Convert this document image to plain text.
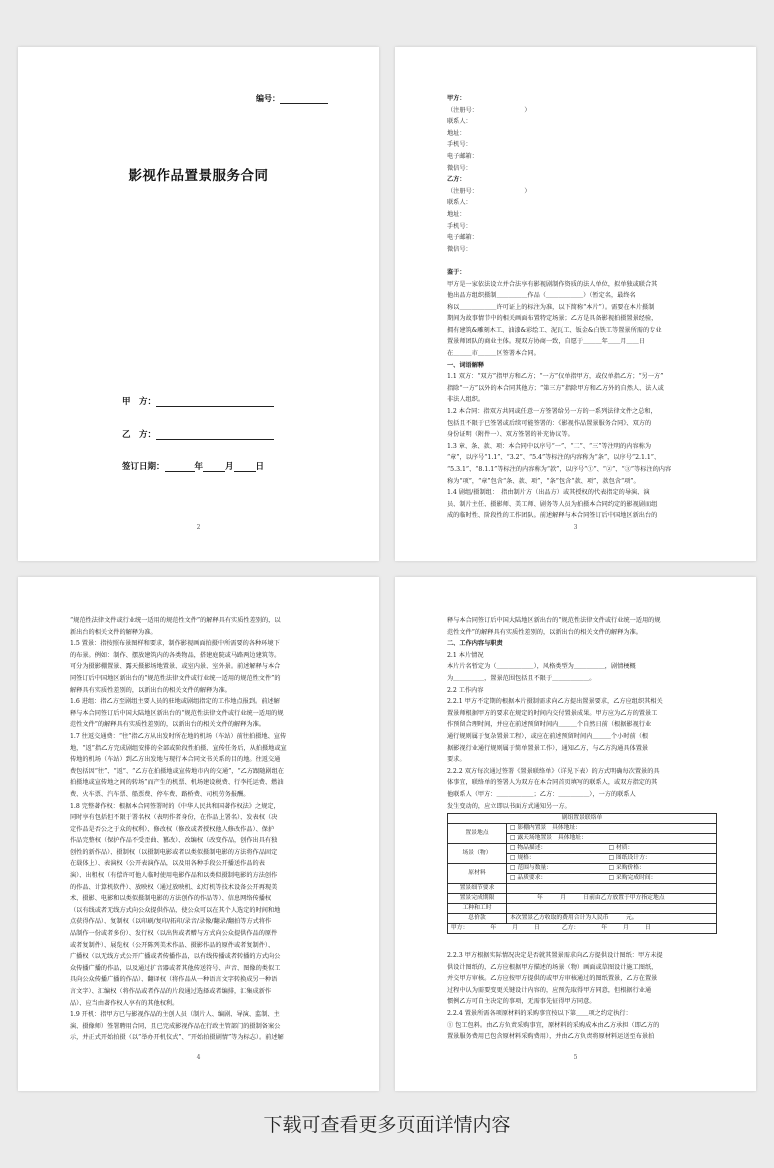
编号：
影视作品置景服务合同
甲　方：
乙　方：
签订日期：	年	月	日
2
甲方：
（注册号：　　　　　　　　）
联系人：
地址：
手机号：
电子邮箱：
微信号：
乙方：
（注册号：　　　　　　　　）
联系人：
地址：
手机号：
电子邮箱：
微信号：

鉴于：
甲方是一家依法设立并合法享有影视剧制作资质的法人单位，拟单独或联合其
他出品方组织摄制＿＿＿＿＿作品（＿＿＿＿＿＿）（暂定名，最终名
称以＿＿＿＿＿＿许可证上的标注为准，以下简称“本片”）。需要在本片摄制
期间为故事情节中的相关画面布置特定场景；乙方是具备影视拍摄置景经验，
拥有建筑&雕刻木工、油漆&彩绘工、泥瓦工、钣金&白铁工等置景所需的专业
置景师团队的商业主体。现双方协商一致，自愿于＿＿＿年＿＿月＿＿日
在＿＿＿市＿＿＿区签署本合同。
一、词语解释
1.1 双方：“双方”指甲方和乙方；“一方”仅单指甲方，或仅单指乙方；“另一方”
指除“一方”以外的本合同其他方；“第三方”指除甲方和乙方外的自然人、法人或
非法人组织。
1.2 本合同：指双方共同或任意一方签署给另一方的一系列法律文件之总和，
包括且不限于已签署或后续可能签署的：《影视作品置景服务合同》、双方的
身份证明（附件一）、双方签署的补充协议等。
1.3 章、条、款、项：本合同中以序号“一”、“二”、“三”等注明的内容称为
“章”，以序号“1.1”、“3.2”、“5.4”等标注的内容称为“条”，以序号“2.1.1”、
“5.3.1”、“8.1.1”等标注的内容称为“款”，以序号“①”、“②”、“③”等标注的内容
称为“项”，“章”包含“条、款、项”，“条”包含“款、项”，款包含“项”。
1.4 剧组/摄制组：　指由制片方（出品方）或其授权的代表指定的导演、演
员、制片主任、摄影师、美工师、剧务等人员为拍摄本合同约定的影视剧而组
成的临时性、阶段性的工作团队。前述解释与本合同签订后中国地区新出台的
3
“规范性法律文件或行业统一适用的规范性文件”的解释具有实质性差别的，以
新出台的相关文件的解释为准。
1.5 置景：指按照布景图样和要求，制作影视画面拍摄中所需要的各种环境下
的布景。例如：制作、摆放建筑内的各类物品，搭建庭院或马路两边建筑等。
可分为摄影棚置景、露天摄影场地置景、或室内景、室外景。前述解释与本合
同签订后中国地区新出台的“规范性法律文件或行业统一适用的规范性文件”的
解释具有实质性差别的，以新出台的相关文件的解释为准。
1.6 进组：指乙方至剧组主要人员的驻地或剧组指定的工作地点报到。前述解
释与本合同签订后中国大陆地区新出台的“规范性法律文件或行业统一适用的规
范性文件”的解释具有实质性差别的，以新出台的相关文件的解释为准。
1.7 往返交通费：“往”指乙方从出发时所在地的机场（车站）前往拍摄地、宣传
地，“返”指乙方完成剧组安排的全部或阶段性拍摄、宣传任务后，从拍摄地或宣
传地的机场（车站）到乙方出发地与现行本合同文书关系的目的地。往返交通
费包括因“往”、“返”、“乙方在拍摄地或宣传地市内的交通”，“乙方跟随剧组在
拍摄地或宣传地之间的转场”而产生的机票、机场建设税费、行李托运费、燃油
费、火车票、汽车票、船票费、停车费、路桥费、司机劳务报酬。
1.8 完整著作权：根据本合同签署时的《中华人民共和国著作权法》之规定，
同时享有包括但不限于署名权（表明作者身份，在作品上署名）、发表权（决
定作品是否公之于众的权利）、修改权（修改或者授权他人修改作品）、保护
作品完整权（保护作品不受歪曲、篡改）、改编权（改变作品，创作出具有独
创性的新作品）、摄制权（以摄制电影或者以类似摄制电影的方法将作品固定
在载体上）、表演权（公开表演作品，以及用各种手段公开播送作品的表
演）、出租权（有偿许可他人临时使用电影作品和以类似摄制电影的方法创作
的作品、计算机软件）、放映权（通过放映机、幻灯机等技术设备公开再现美
术、摄影、电影和以类似摄制电影的方法创作的作品等）、信息网络传播权
（以有线或者无线方式向公众提供作品，使公众可以在其个人选定的时间和地
点获得作品）、复制权（以印刷/复印/拓印/录音/录像/翻录/翻拍等方式将作
品制作一份或者多份）、发行权（以出售或者赠与方式向公众提供作品的原件
或者复制件）、展览权（公开陈列美术作品、摄影作品的原件或者复制件）、
广播权（以无线方式公开广播或者传播作品，以有线传播或者转播的方式向公
众传播广播的作品，以及通过扩音器或者其他传送符号、声音、图像的类似工
具向公众传播广播的作品）、翻译权（将作品从一种语言文字转换成另一种语
言文字）、汇编权（将作品或者作品的片段通过选择或者编排，汇集成新作
品）、应当由著作权人享有的其他权利。
1.9 开机：指甲方已与影视作品的主创人员（制片人、编剧、导演、监制、主
演、摄像师）签署聘用合同，且已完成影视作品在行政主管部门的摄制备案公
示，并正式开始拍摄（以“举办开机仪式”、“开始拍摄剧情”等为标志）。前述解
4
释与本合同签订后中国大陆地区新出台的“规范性法律文件或行业统一适用的规
范性文件”的解释具有实质性差别的，以新出台的相关文件的解释为准。
二、工作内容与职责
2.1 本片情况
本片片名暂定为（＿＿＿＿＿＿），风格类型为＿＿＿＿＿，剧情梗概
为＿＿＿＿＿，置景范围包括且不限于＿＿＿＿＿＿。
2.2 工作内容
2.2.1 甲方不定期的根据本片摄制需求向乙方提出置景要求，乙方应组织其相关
置景师根据甲方的要求在规定的时间内交付置景成果。甲方应为乙方的置景工
作预留合理时间，并应在前述预留时间内＿＿＿个自然日前（根据影视行业
通行规则属于复杂置景工程），或应在前述预留时间内＿＿＿个小时前（根
据影视行业通行规则属于简单置景工作），通知乙方，与乙方沟通具体置景
要求。
2.2.2 双方每次通过签署《置景联络单》（详见下表）的方式明确每次置景的具
体事宜，联络单的签署人为双方在本合同首页填写的联系人，或双方指定的其
他联系人（甲方：＿＿＿＿＿＿；乙方：＿＿＿＿＿），一方的联系人
发生变动的，应立即以书面方式通知另一方。
剧组置景联络单		
置景地点	□ 影棚内置景　具体地址：	
	□ 露天场地置景　具体地址：	
场景（物）	□ 物品描述：	□ 材质：
	□ 规格：	□ 图纸设计方：
原材料	□ 范围与数量：	□ 采购价格：
	□ 品质要求：	□ 采购完成时间：
置景细节要求		
置景完成期限	年　　　月　　　日前由乙方放置于甲方指定地点	
工种和工时		
总价款	本次置景乙方收取的费用合计为人民币　　　元。	
甲方： 年 月 日 乙方： 年 月 日		
2.2.3 甲方根据实际情况决定是否就其置景需求向乙方提供设计图纸：甲方未提
供设计图纸的，乙方应根据甲方描述的场景（物）画面或草图设计施工图纸，
并交甲方审核。乙方应按甲方提供的或甲方审核通过的图纸置景，乙方在置景
过程中认为需要变更关键设计内容的，应预先取得甲方同意，但根据行业通
惯例乙方可自主决定的事项，无需事先征得甲方同意。
2.2.4 置景所需各项原材料的采购事宜按以下第＿＿项之约定执行：
① 包工包料。由乙方负责采购事宜，原材料的采购成本由乙方承担（即乙方的
置景服务费用已包含原材料采购费用），并由乙方负责将原材料运送至布景拍
5
下载可查看更多页面详情内容
